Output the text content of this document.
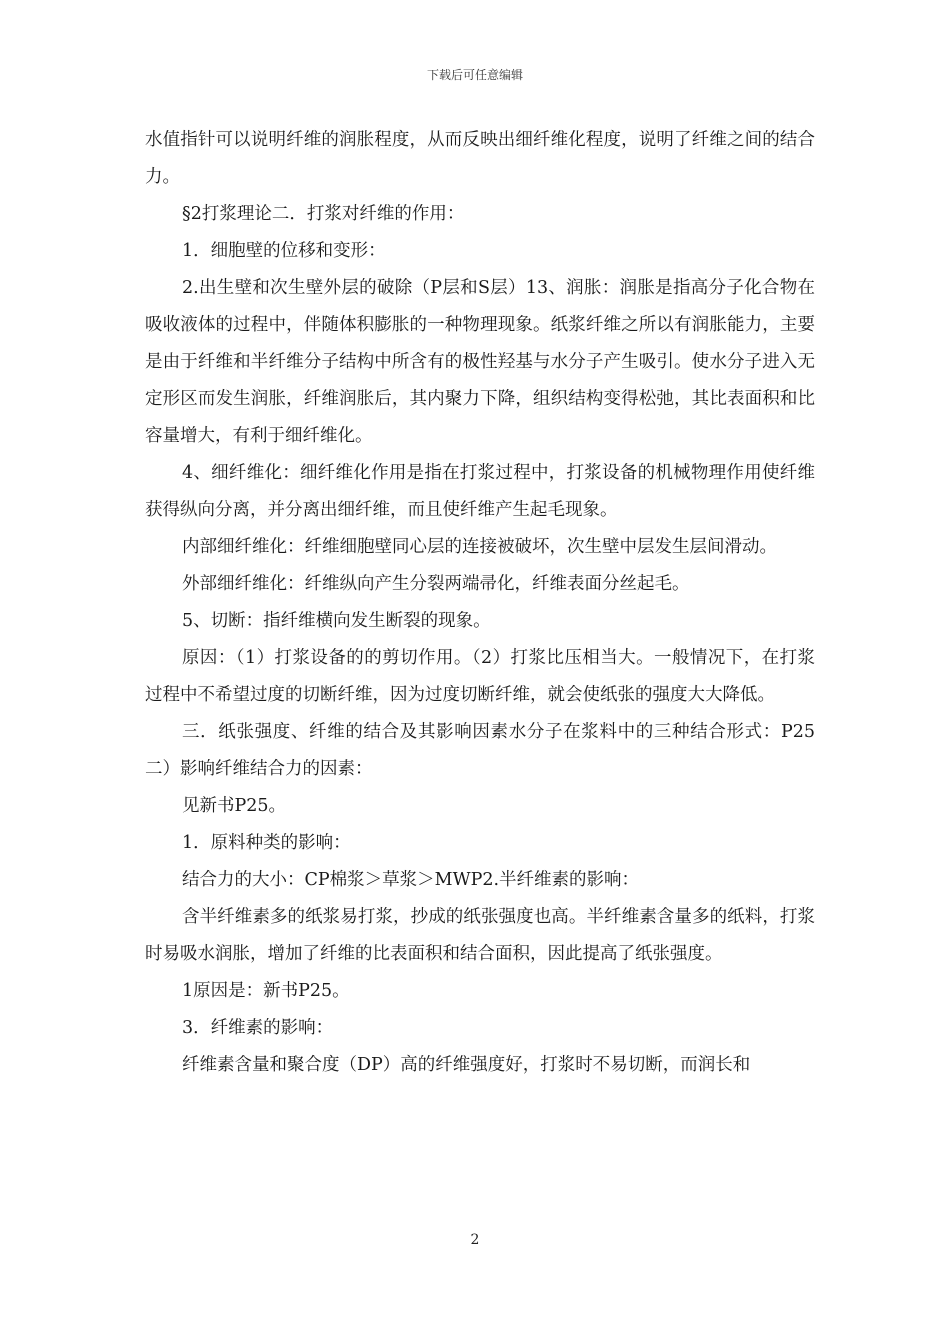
下载后可任意编辑

水值指针可以说明纤维的润胀程度，从而反映出细纤维化程度，说明了纤维之间的结合力。

§2打浆理论二．打浆对纤维的作用：

1．细胞壁的位移和变形：

2.出生壁和次生壁外层的破除（P层和S层）13、润胀：润胀是指高分子化合物在吸收液体的过程中，伴随体积膨胀的一种物理现象。纸浆纤维之所以有润胀能力，主要是由于纤维和半纤维分子结构中所含有的极性羟基与水分子产生吸引。使水分子进入无定形区而发生润胀，纤维润胀后，其内聚力下降，组织结构变得松弛，其比表面积和比容量增大，有利于细纤维化。

4、细纤维化：细纤维化作用是指在打浆过程中，打浆设备的机械物理作用使纤维获得纵向分离，并分离出细纤维，而且使纤维产生起毛现象。

内部细纤维化：纤维细胞壁同心层的连接被破坏，次生壁中层发生层间滑动。

外部细纤维化：纤维纵向产生分裂两端帚化，纤维表面分丝起毛。

5、切断：指纤维横向发生断裂的现象。

原因：（1）打浆设备的的剪切作用。（2）打浆比压相当大。一般情况下，在打浆过程中不希望过度的切断纤维，因为过度切断纤维，就会使纸张的强度大大降低。

三．纸张强度、纤维的结合及其影响因素水分子在浆料中的三种结合形式：P25二）影响纤维结合力的因素：

见新书P25。

1．原料种类的影响：

结合力的大小：CP棉浆＞草浆＞MWP2.半纤维素的影响：

含半纤维素多的纸浆易打浆，抄成的纸张强度也高。半纤维素含量多的纸料，打浆时易吸水润胀，增加了纤维的比表面积和结合面积，因此提高了纸张强度。

1原因是：新书P25。

3．纤维素的影响：

纤维素含量和聚合度（DP）高的纤维强度好，打浆时不易切断，而润长和

2
